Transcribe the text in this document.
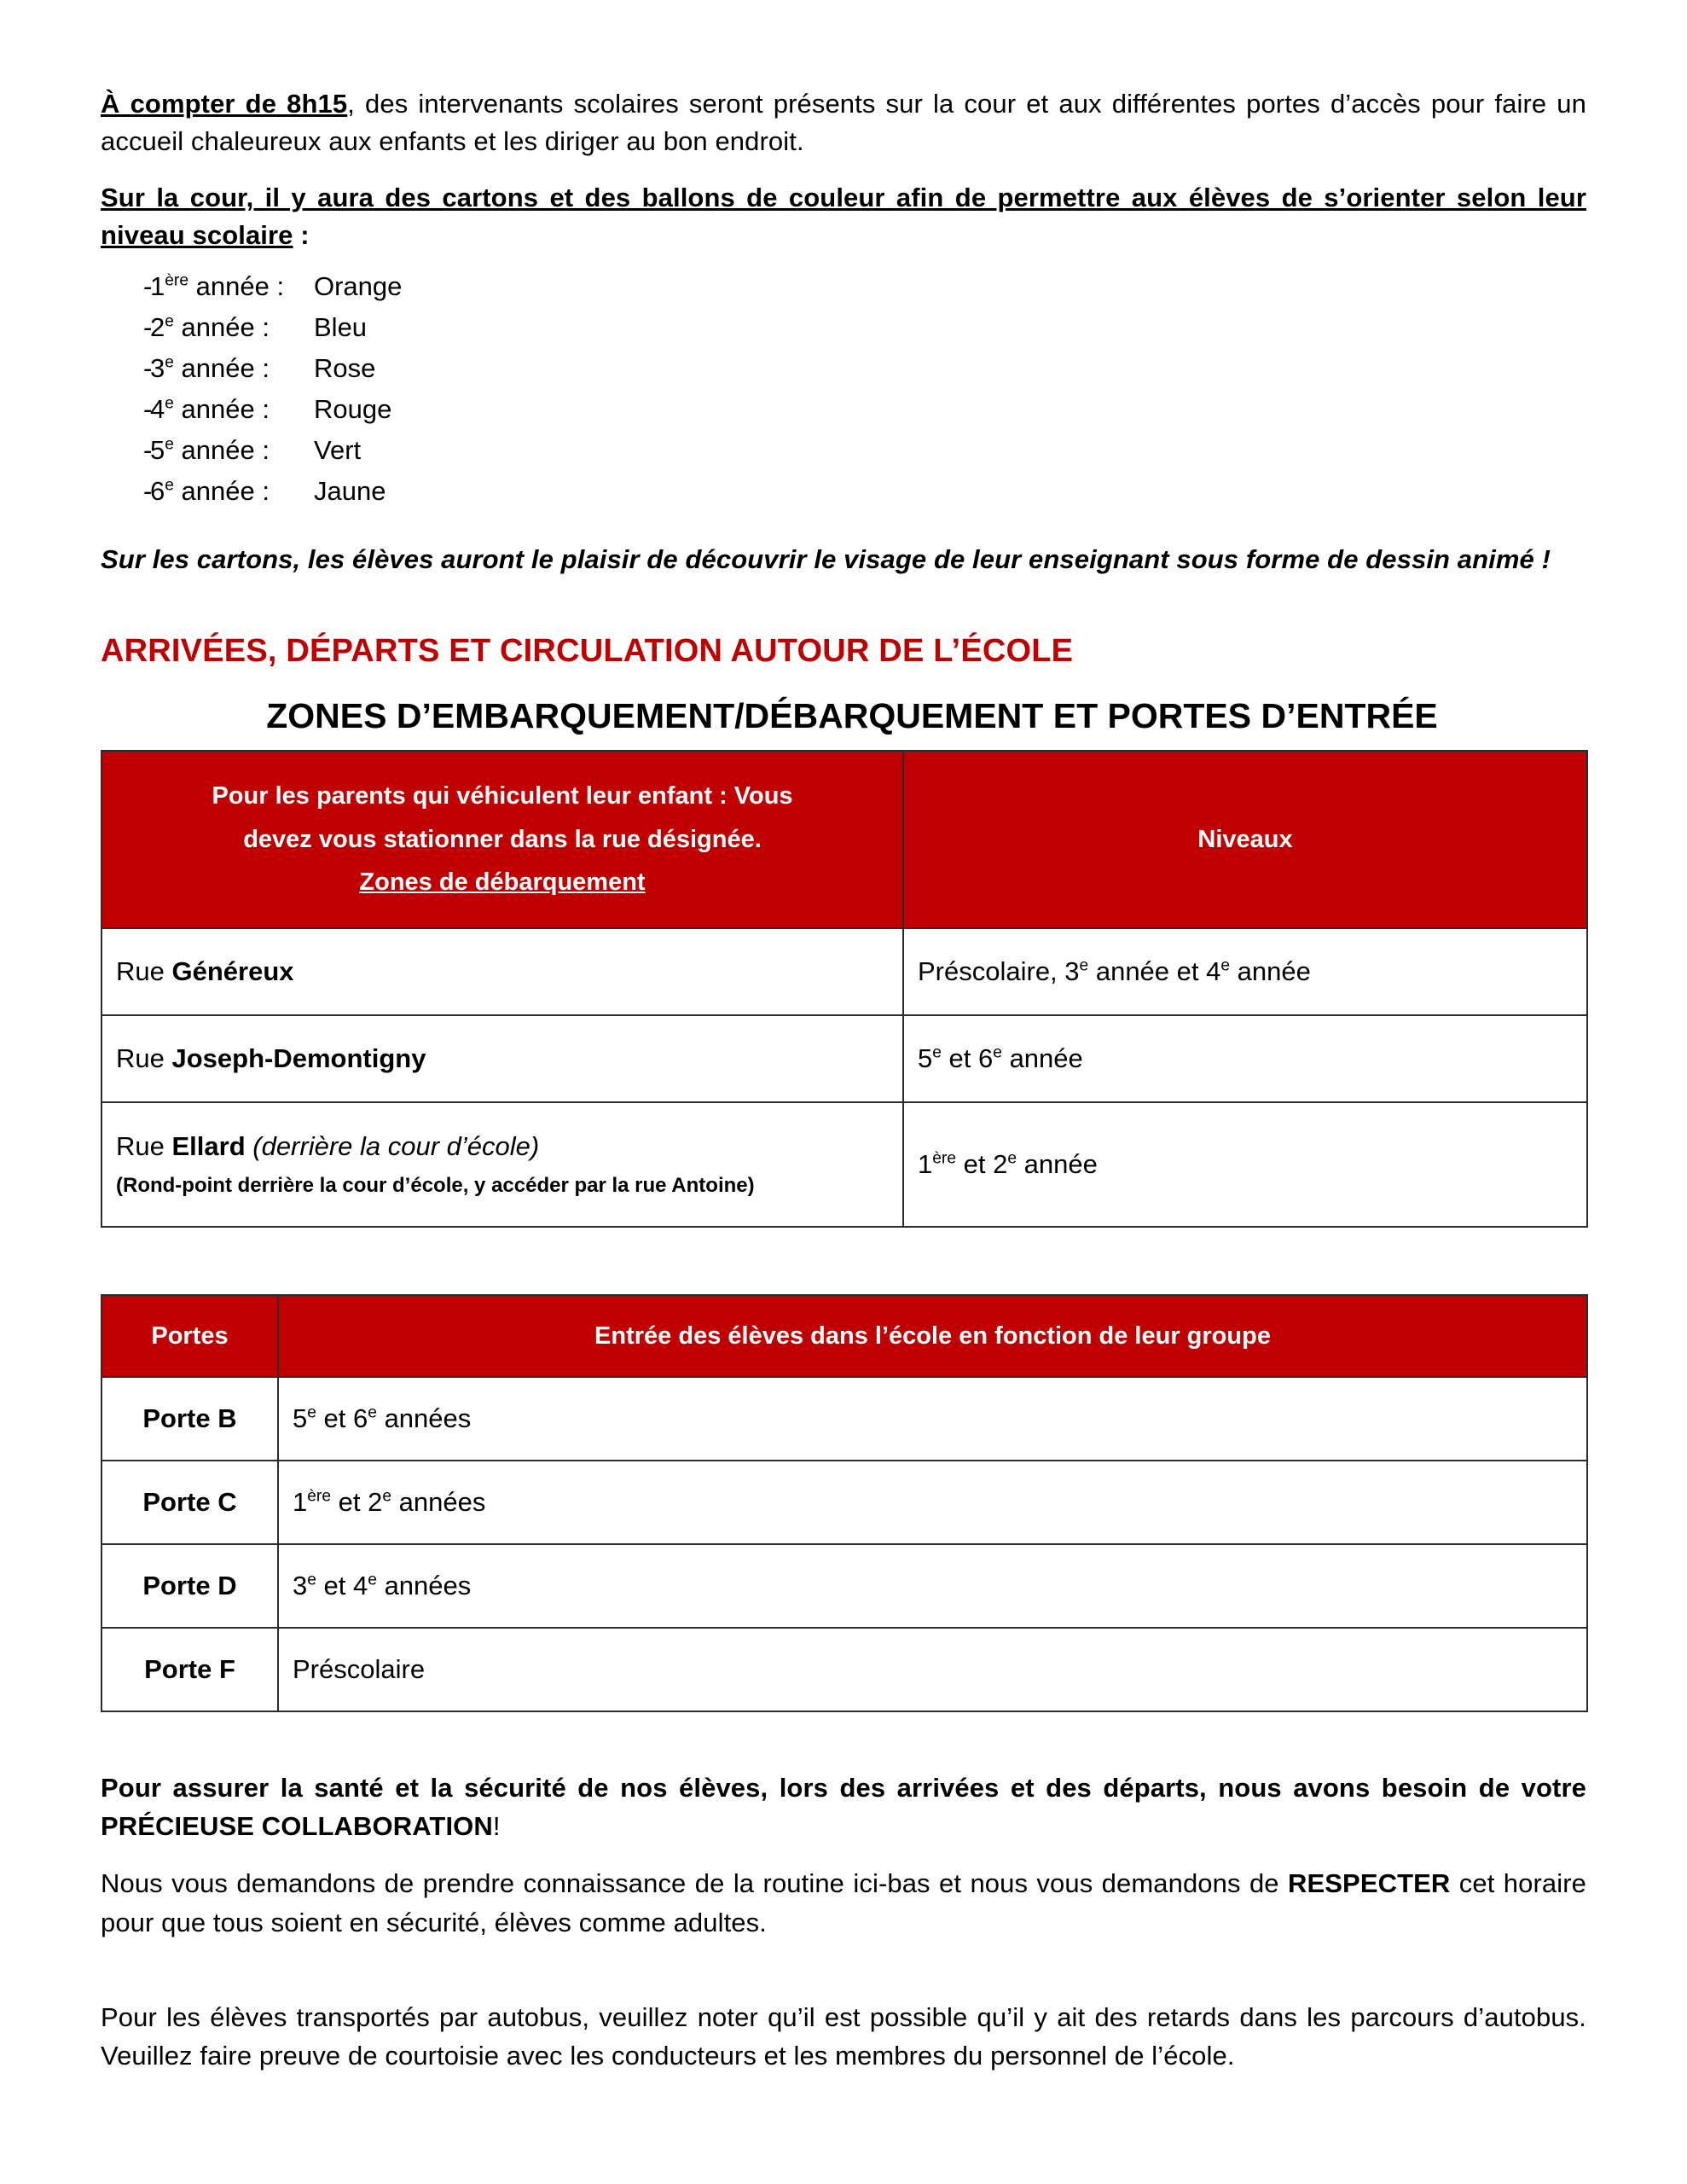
À compter de 8h15, des intervenants scolaires seront présents sur la cour et aux différentes portes d’accès pour faire un accueil chaleureux aux enfants et les diriger au bon endroit.

Sur la cour, il y aura des cartons et des ballons de couleur afin de permettre aux élèves de s’orienter selon leur niveau scolaire :

-
1ère année :	Orange
-
2e année :	Bleu
-
3e année :	Rose
-
4e année :	Rouge
-
5e année :	Vert
-
6e année :	Jaune

Sur les cartons, les élèves auront le plaisir de découvrir le visage de leur enseignant sous forme de dessin animé !

ARRIVÉES, DÉPARTS ET CIRCULATION AUTOUR DE L’ÉCOLE
ZONES D’EMBARQUEMENT/DÉBARQUEMENT ET PORTES D’ENTRÉE
Pour les parents qui véhiculent leur enfant : Vous
devez vous stationner dans la rue désignée.
Zones de débarquement	Niveaux
Rue Généreux	Préscolaire, 3e année et 4e année
Rue Joseph-Demontigny	5e et 6e année
Rue Ellard (derrière la cour d’école)
(Rond-point derrière la cour d’école, y accéder par la rue Antoine)	1ère et 2e année
Portes	Entrée des élèves dans l’école en fonction de leur groupe
Porte B	5e et 6e années
Porte C	1ère et 2e années
Porte D	3e et 4e années
Porte F	Préscolaire

Pour assurer la santé et la sécurité de nos élèves, lors des arrivées et des départs, nous avons besoin de votre PRÉCIEUSE COLLABORATION!

Nous vous demandons de prendre connaissance de la routine ici-bas et nous vous demandons de RESPECTER cet horaire pour que tous soient en sécurité, élèves comme adultes.

Pour les élèves transportés par autobus, veuillez noter qu’il est possible qu’il y ait des retards dans les parcours d’autobus. Veuillez faire preuve de courtoisie avec les conducteurs et les membres du personnel de l’école.
